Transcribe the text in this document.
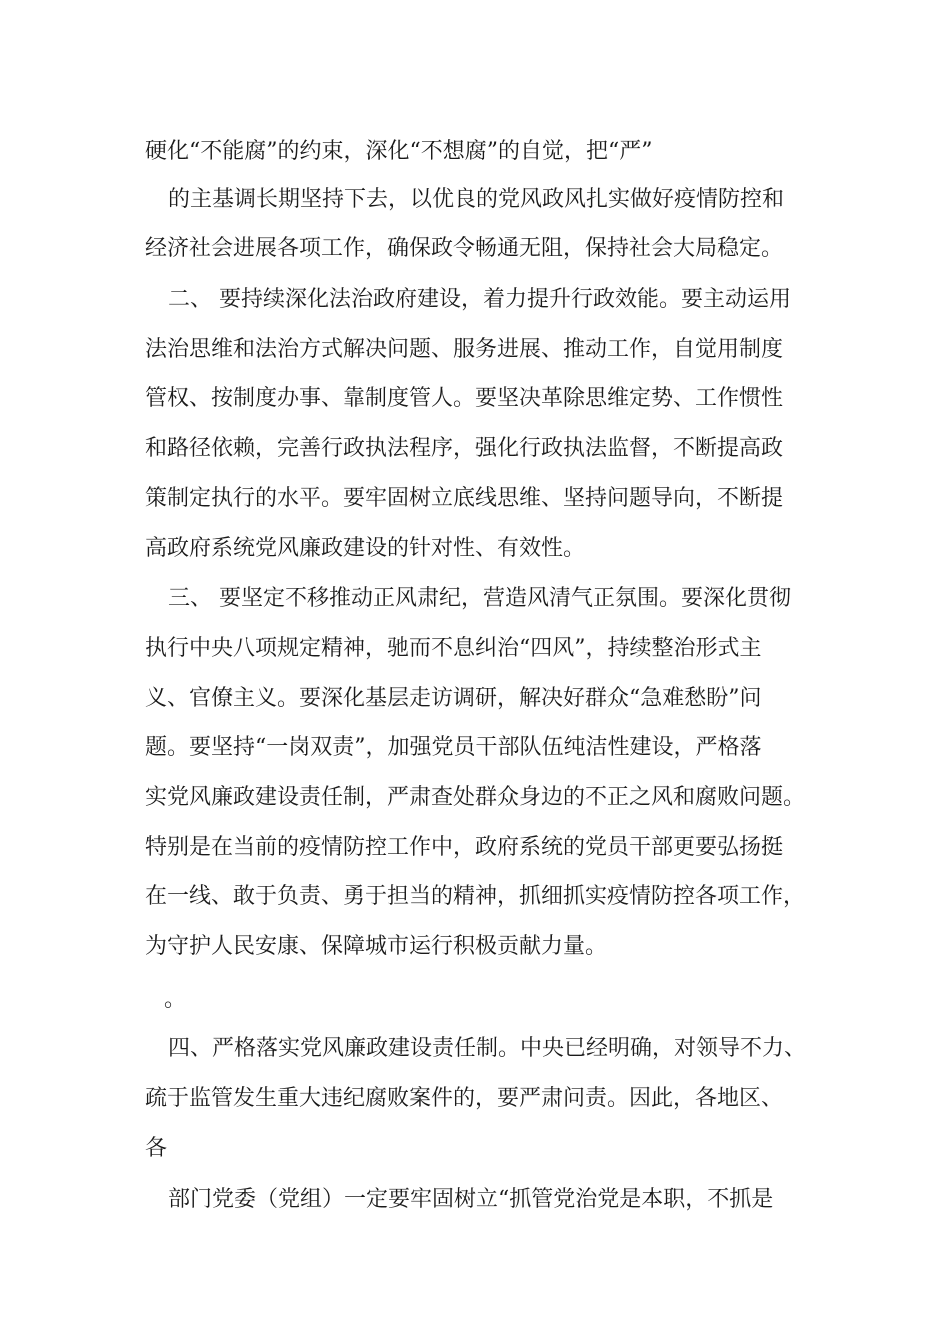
硬化“不能腐”的约束，深化“不想腐”的自觉，把“严”

的主基调长期坚持下去，以优良的党风政风扎实做好疫情防控和

经济社会进展各项工作，确保政令畅通无阻，保持社会大局稳定。

二、 要持续深化法治政府建设，着力提升行政效能。要主动运用

法治思维和法治方式解决问题、服务进展、推动工作，自觉用制度

管权、按制度办事、靠制度管人。要坚决革除思维定势、工作惯性

和路径依赖，完善行政执法程序，强化行政执法监督，不断提高政

策制定执行的水平。要牢固树立底线思维、坚持问题导向，不断提

高政府系统党风廉政建设的针对性、有效性。

三、 要坚定不移推动正风肃纪，营造风清气正氛围。要深化贯彻

执行中央八项规定精神，驰而不息纠治“四风”，持续整治形式主

义、官僚主义。要深化基层走访调研，解决好群众“急难愁盼”问

题。要坚持“一岗双责”，加强党员干部队伍纯洁性建设，严格落

实党风廉政建设责任制，严肃查处群众身边的不正之风和腐败问题。

特别是在当前的疫情防控工作中，政府系统的党员干部更要弘扬挺

在一线、敢于负责、勇于担当的精神，抓细抓实疫情防控各项工作，

为守护人民安康、保障城市运行积极贡献力量。

。

四、严格落实党风廉政建设责任制。中央已经明确，对领导不力、

疏于监管发生重大违纪腐败案件的，要严肃问责。因此，各地区、

各

部门党委（党组）一定要牢固树立“抓管党治党是本职，不抓是
